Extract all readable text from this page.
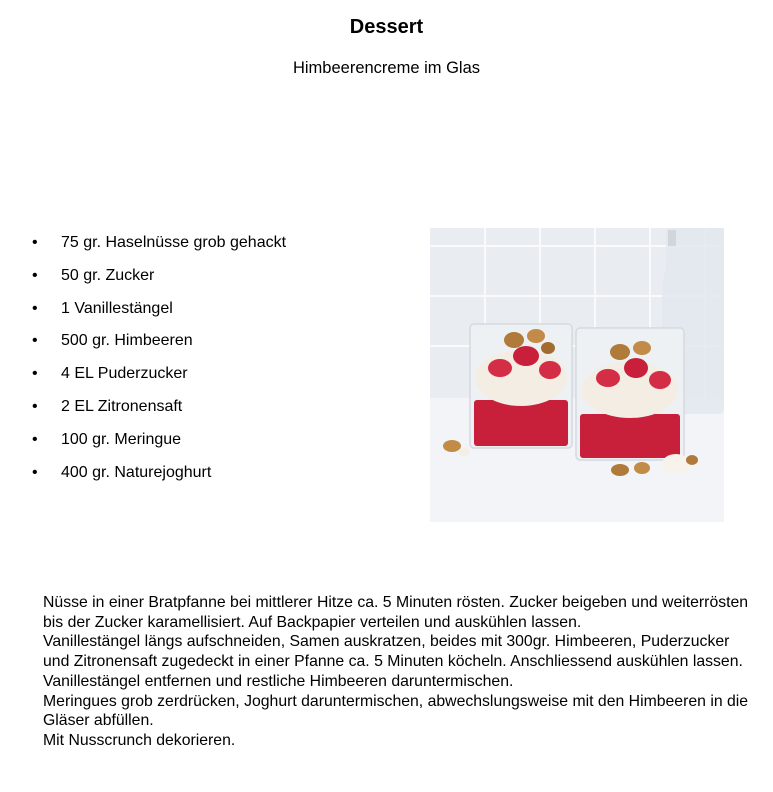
Dessert
Himbeerencreme im Glas
• 75 gr. Haselnüsse grob gehackt
• 50 gr. Zucker
• 1 Vanillestängel
• 500 gr. Himbeeren
• 4 EL Puderzucker
• 2 EL Zitronensaft
• 100 gr. Meringue
• 400 gr. Naturejoghurt

Nüsse in einer Bratpfanne bei mittlerer Hitze ca. 5 Minuten rösten. Zucker beigeben und weiterrösten bis der Zucker karamellisiert. Auf Backpapier verteilen und auskühlen lassen.

Vanillestängel längs aufschneiden, Samen auskratzen, beides mit 300gr. Himbeeren, Puderzucker und Zitronensaft zugedeckt in einer Pfanne ca. 5 Minuten köcheln. Anschliessend auskühlen lassen. Vanillestängel entfernen und restliche Himbeeren daruntermischen.

Meringues grob zerdrücken, Joghurt daruntermischen, abwechslungsweise mit den Himbeeren in die Gläser abfüllen.

Mit Nusscrunch dekorieren.
